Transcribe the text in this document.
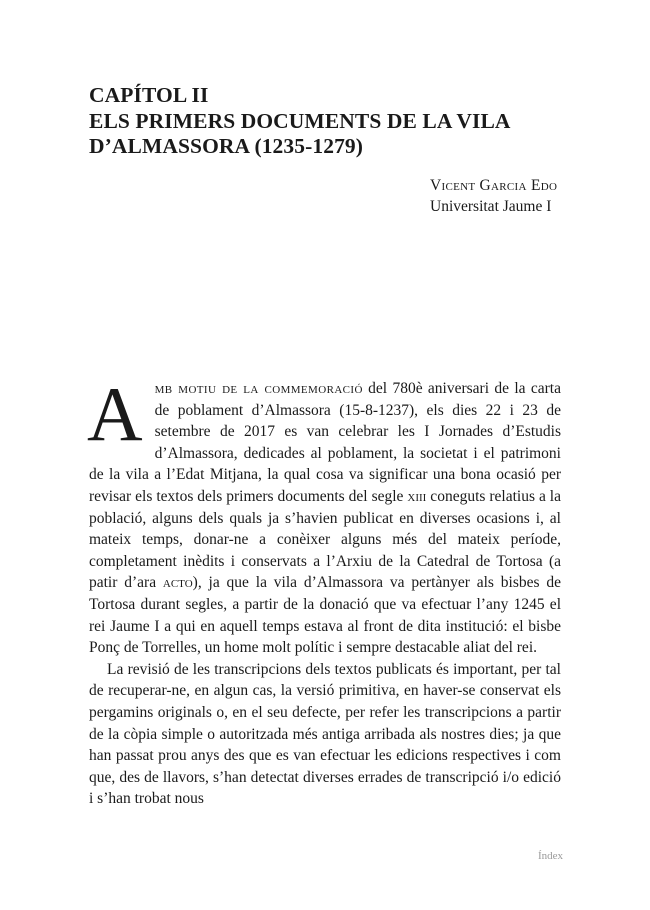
CAPÍTOL II
ELS PRIMERS DOCUMENTS DE LA VILA
D’ALMASSORA (1235-1279)
Vicent Garcia Edo
Universitat Jaume I

Amb motiu de la commemoració del 780è aniversari de la carta de poblament d’Almassora (15-8-1237), els dies 22 i 23 de setembre de 2017 es van celebrar les I Jornades d’Estudis d’Almassora, dedicades al poblament, la societat i el patrimoni de la vila a l’Edat Mitjana, la qual cosa va significar una bona ocasió per revisar els textos dels primers documents del segle xiii coneguts relatius a la població, alguns dels quals ja s’havien publicat en diverses ocasions i, al mateix temps, donar-ne a conèixer alguns més del mateix període, completament inèdits i conservats a l’Arxiu de la Catedral de Tortosa (a patir d’ara acto), ja que la vila d’Almassora va pertànyer als bisbes de Tortosa durant segles, a partir de la donació que va efectuar l’any 1245 el rei Jaume I a qui en aquell temps estava al front de dita institució: el bisbe Ponç de Torrelles, un home molt polític i sempre destacable aliat del rei.

La revisió de les transcripcions dels textos publicats és important, per tal de recuperar-ne, en algun cas, la versió primitiva, en haver-se conservat els pergamins originals o, en el seu defecte, per refer les transcripcions a partir de la còpia simple o autoritzada més antiga arribada als nostres dies; ja que han passat prou anys des que es van efectuar les edicions respectives i com que, des de llavors, s’han detectat diverses errades de transcripció i/o edició i s’han trobat nous

Índex
